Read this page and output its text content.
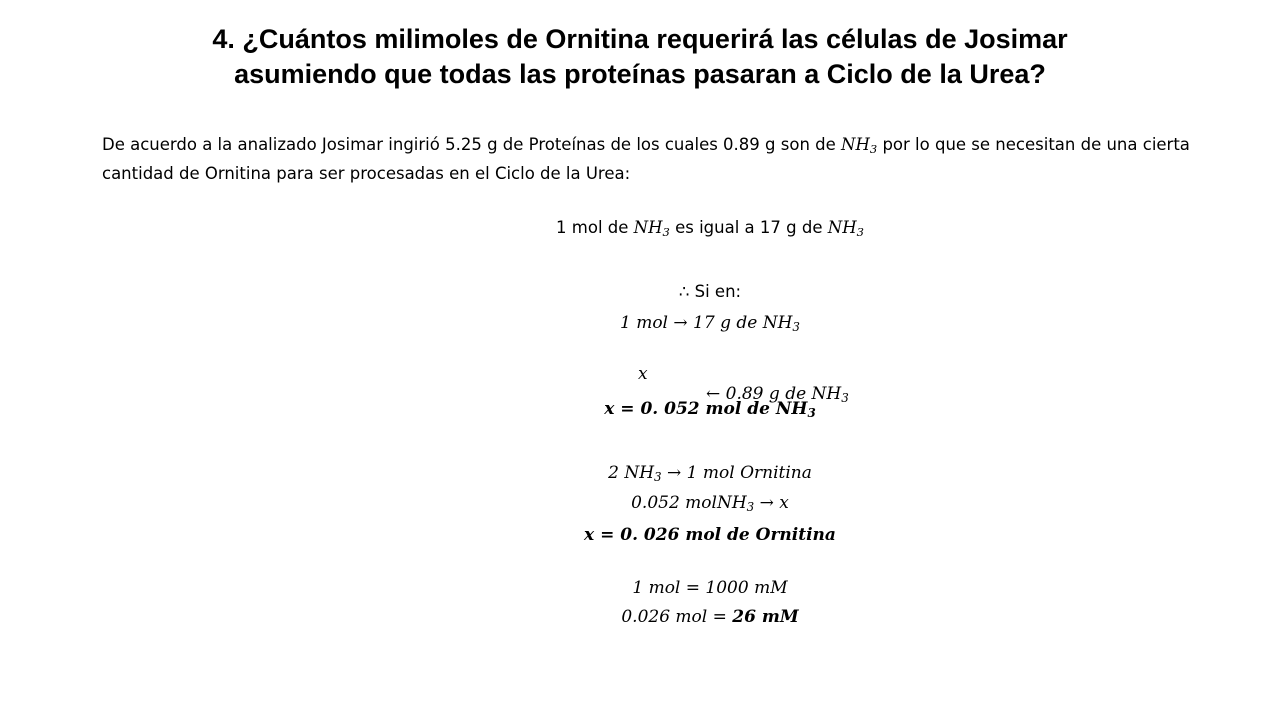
4. ¿Cuántos milimoles de Ornitina requerirá las células de Josimar
asumiendo que todas las proteínas pasaran a Ciclo de la Urea?
De acuerdo a la analizado Josimar ingirió 5.25 g de Proteínas de los cuales 0.89 g son de $NH_3$ por lo que se necesitan de una cierta cantidad de Ornitina para ser procesadas en el Ciclo de la Urea:
1 mol de $NH_3$ es igual a 17 g de $NH_3$
∴ Si en:
1 mol → 17 g de $NH_3$

x

← 0.89 g de $NH_3$

x = 0. 052 mol de $NH_3$
2 $NH_3 \to 1$ mol Ornitina
0.052 molNH$_3$ → x
x = 0. 026 mol de Ornitina
1 mol = 1000 mM
0.026 mol = 26 mM
